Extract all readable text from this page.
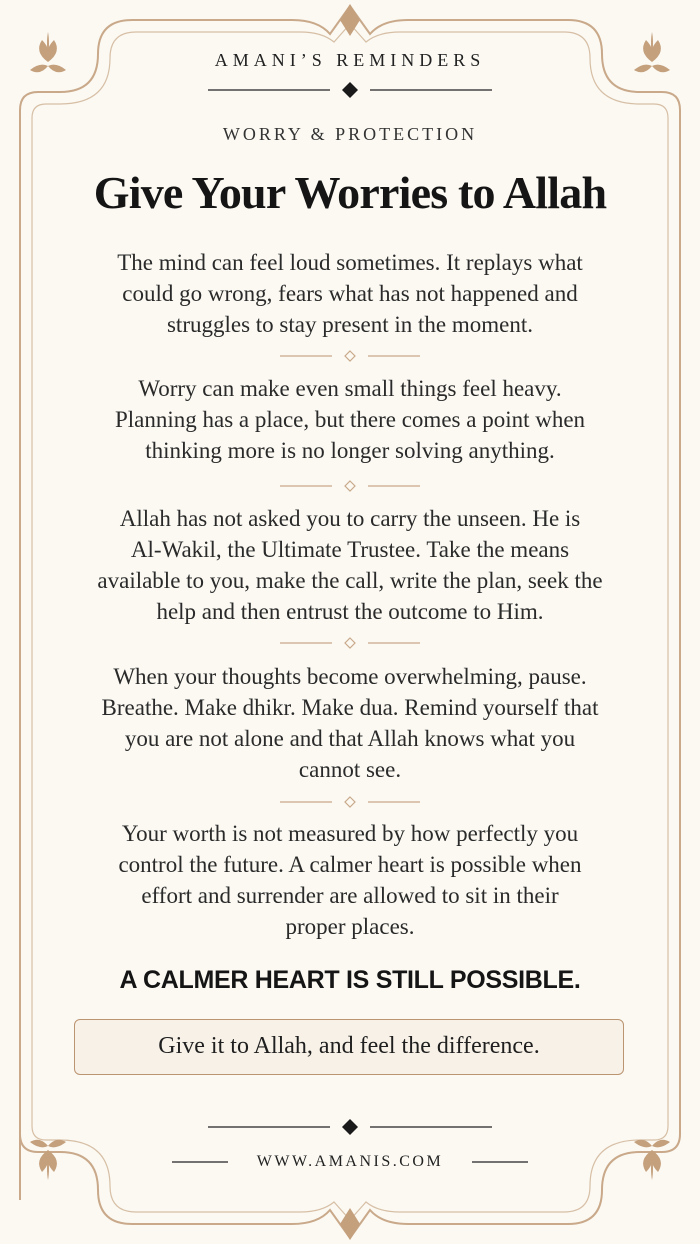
AMANI’S REMINDERS
WORRY & PROTECTION
Give Your Worries to Allah
The mind can feel loud sometimes. It replays what
could go wrong, fears what has not happened and
struggles to stay present in the moment.
Worry can make even small things feel heavy.
Planning has a place, but there comes a point when
thinking more is no longer solving anything.
Allah has not asked you to carry the unseen. He is
Al-Wakil, the Ultimate Trustee. Take the means
available to you, make the call, write the plan, seek the
help and then entrust the outcome to Him.
When your thoughts become overwhelming, pause.
Breathe. Make dhikr. Make dua. Remind yourself that
you are not alone and that Allah knows what you
cannot see.
Your worth is not measured by how perfectly you
control the future. A calmer heart is possible when
effort and surrender are allowed to sit in their
proper places.
A CALMER HEART IS STILL POSSIBLE.
Give it to Allah, and feel the difference.
WWW.AMANIS.COM
